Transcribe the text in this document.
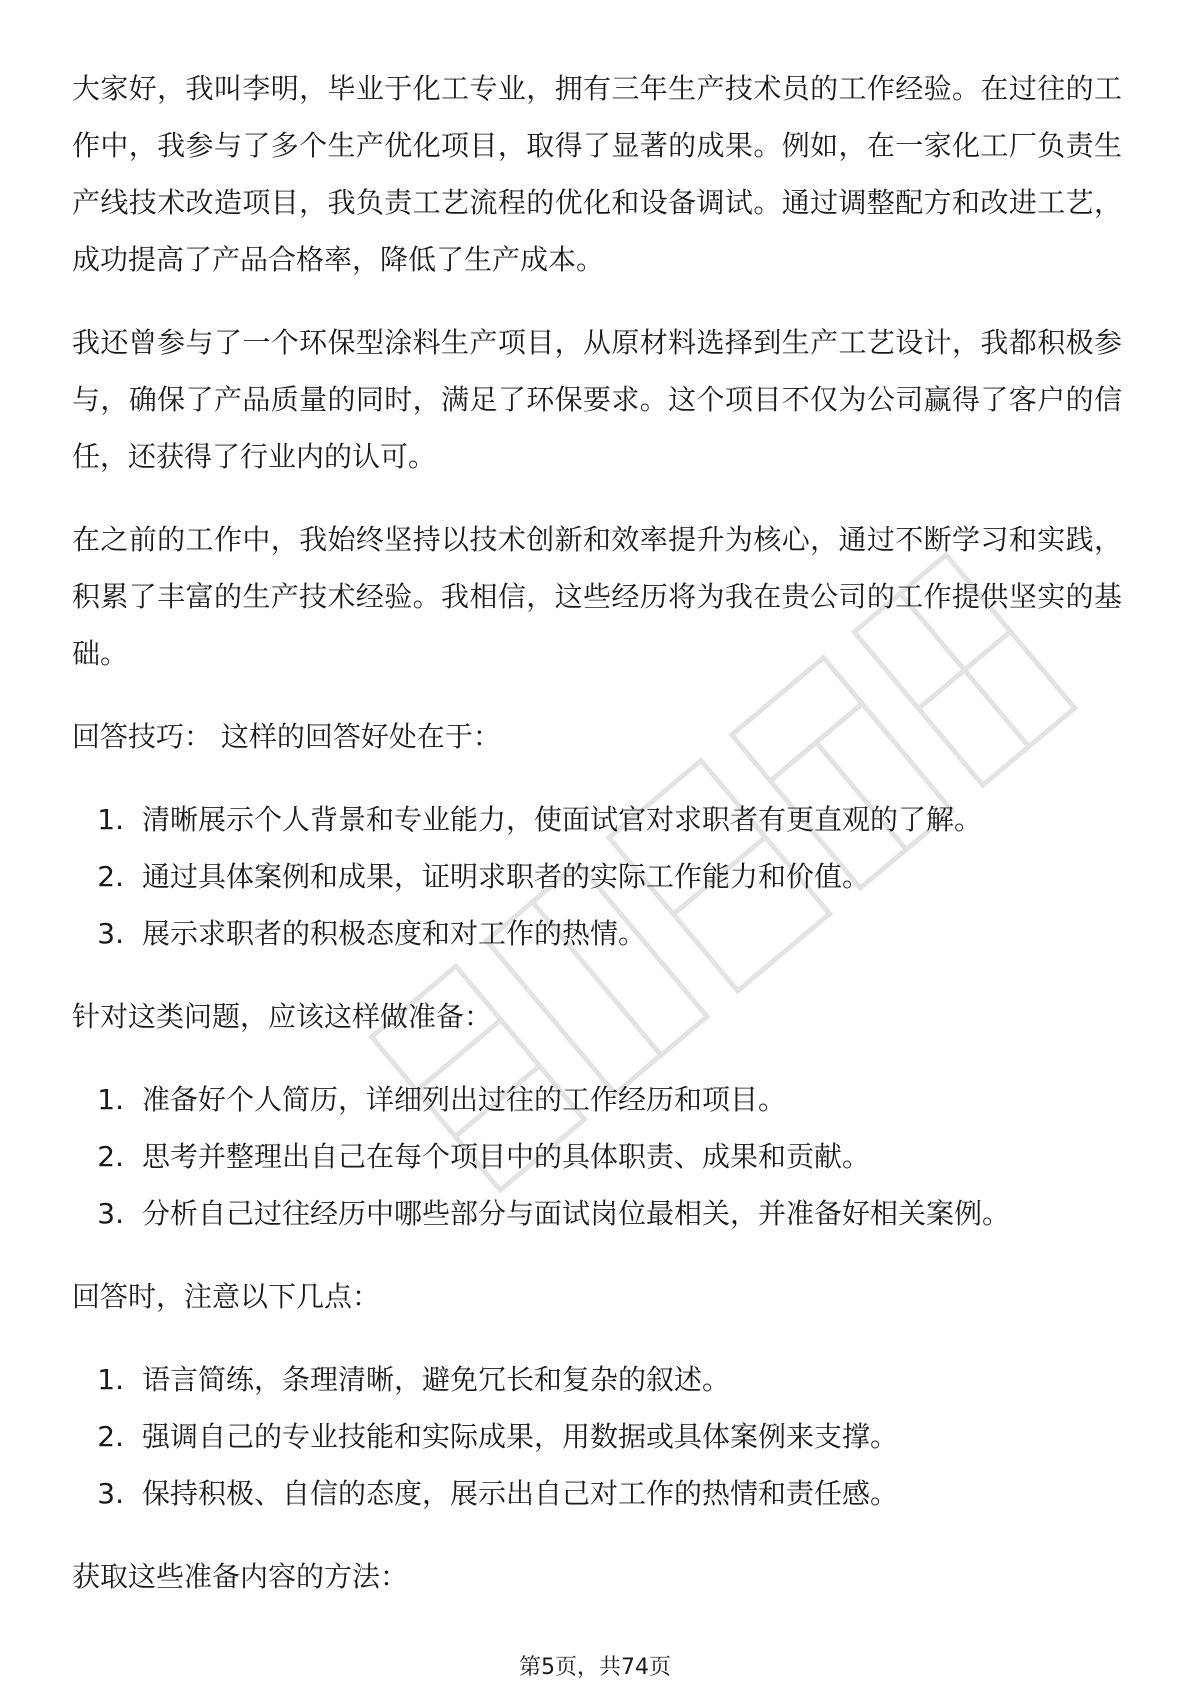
大家好，我叫李明，毕业于化工专业，拥有三年生产技术员的工作经验。在过往的工作中，我参与了多个生产优化项目，取得了显著的成果。例如，在一家化工厂负责生产线技术改造项目，我负责工艺流程的优化和设备调试。通过调整配方和改进工艺，成功提高了产品合格率，降低了生产成本。

我还曾参与了一个环保型涂料生产项目，从原材料选择到生产工艺设计，我都积极参与，确保了产品质量的同时，满足了环保要求。这个项目不仅为公司赢得了客户的信任，还获得了行业内的认可。

在之前的工作中，我始终坚持以技术创新和效率提升为核心，通过不断学习和实践，积累了丰富的生产技术经验。我相信，这些经历将为我在贵公司的工作提供坚实的基础。

回答技巧： 这样的回答好处在于：
1. 清晰展示个人背景和专业能力，使面试官对求职者有更直观的了解。
2. 通过具体案例和成果，证明求职者的实际工作能力和价值。
3. 展示求职者的积极态度和对工作的热情。
针对这类问题，应该这样做准备：
1. 准备好个人简历，详细列出过往的工作经历和项目。
2. 思考并整理出自己在每个项目中的具体职责、成果和贡献。
3. 分析自己过往经历中哪些部分与面试岗位最相关，并准备好相关案例。
回答时，注意以下几点：
1. 语言简练，条理清晰，避免冗长和复杂的叙述。
2. 强调自己的专业技能和实际成果，用数据或具体案例来支撑。
3. 保持积极、自信的态度，展示出自己对工作的热情和责任感。
获取这些准备内容的方法：
第5页，共74页
